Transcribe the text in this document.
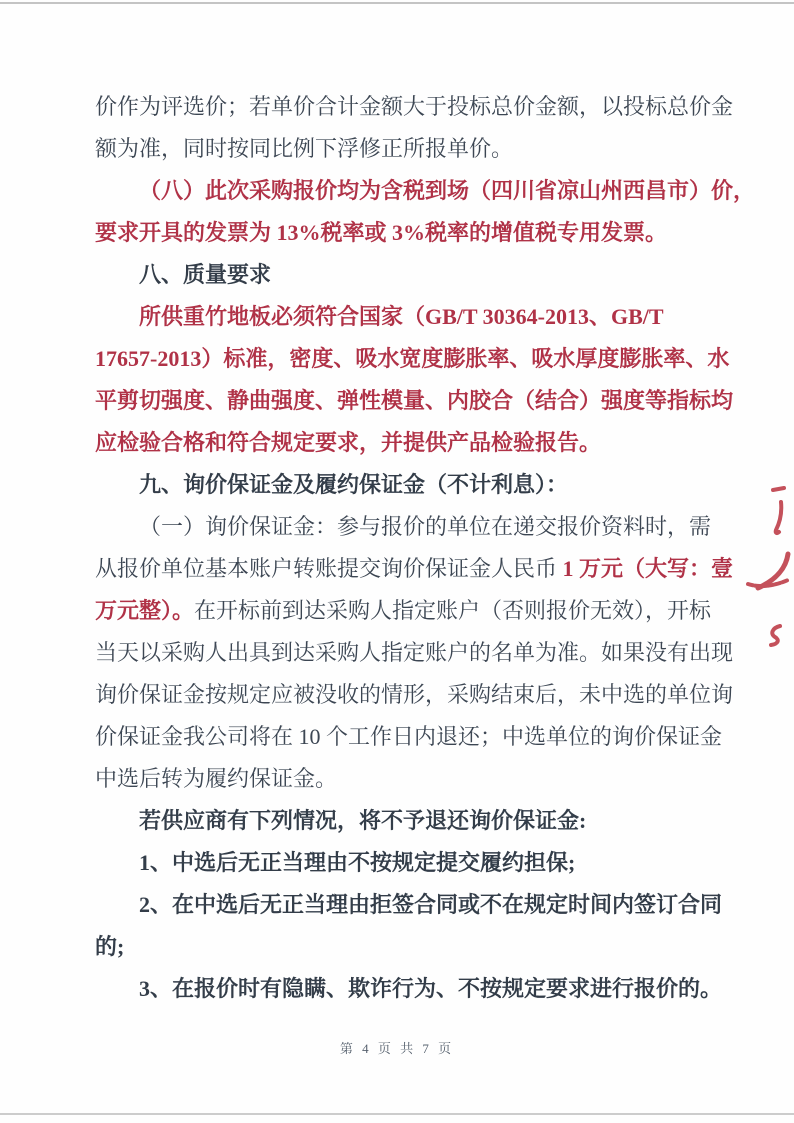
价作为评选价；若单价合计金额大于投标总价金额，以投标总价金
额为准，同时按同比例下浮修正所报单价。
（八）此次采购报价均为含税到场（四川省凉山州西昌市）价，
要求开具的发票为 13%税率或 3%税率的增值税专用发票。
八、质量要求
所供重竹地板必须符合国家（GB/T 30364-2013、GB/T
17657-2013）标准，密度、吸水宽度膨胀率、吸水厚度膨胀率、水
平剪切强度、静曲强度、弹性模量、内胶合（结合）强度等指标均
应检验合格和符合规定要求，并提供产品检验报告。
九、询价保证金及履约保证金（不计利息）：
（一）询价保证金：参与报价的单位在递交报价资料时，需
从报价单位基本账户转账提交询价保证金人民币 1 万元（大写：壹
万元整）。在开标前到达采购人指定账户（否则报价无效），开标
当天以采购人出具到达采购人指定账户的名单为准。如果没有出现
询价保证金按规定应被没收的情形，采购结束后，未中选的单位询
价保证金我公司将在 10 个工作日内退还；中选单位的询价保证金
中选后转为履约保证金。
若供应商有下列情况，将不予退还询价保证金:
1、中选后无正当理由不按规定提交履约担保;
2、在中选后无正当理由拒签合同或不在规定时间内签订合同
的;
3、在报价时有隐瞒、欺诈行为、不按规定要求进行报价的。
第 4 页 共 7 页
